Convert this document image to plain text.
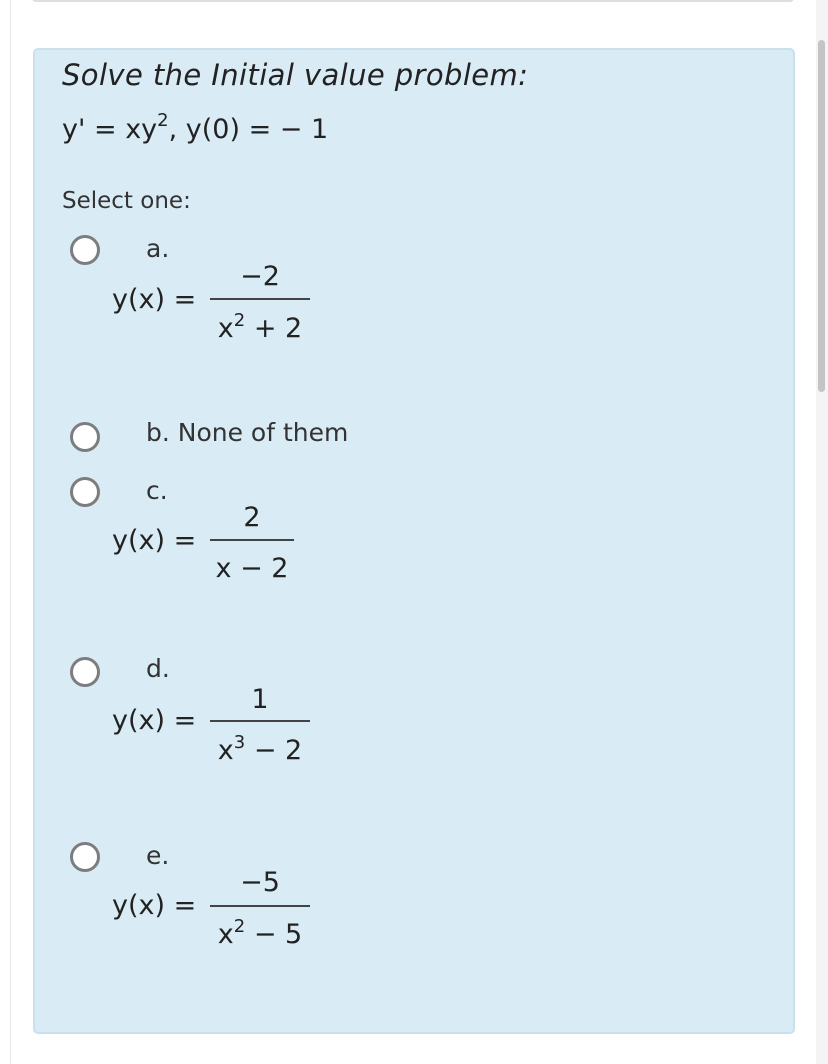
Solve the Initial value problem:
$y' = xy^2$, y(0) = − 1
Select one:
a.
y(x) =
−2
$x^2 + 2$
b. None of them
c.
y(x) =
2
x − 2
d.
y(x) =
1
$x^3 - 2$
e.
y(x) =
−5
$x^2 - 5$
